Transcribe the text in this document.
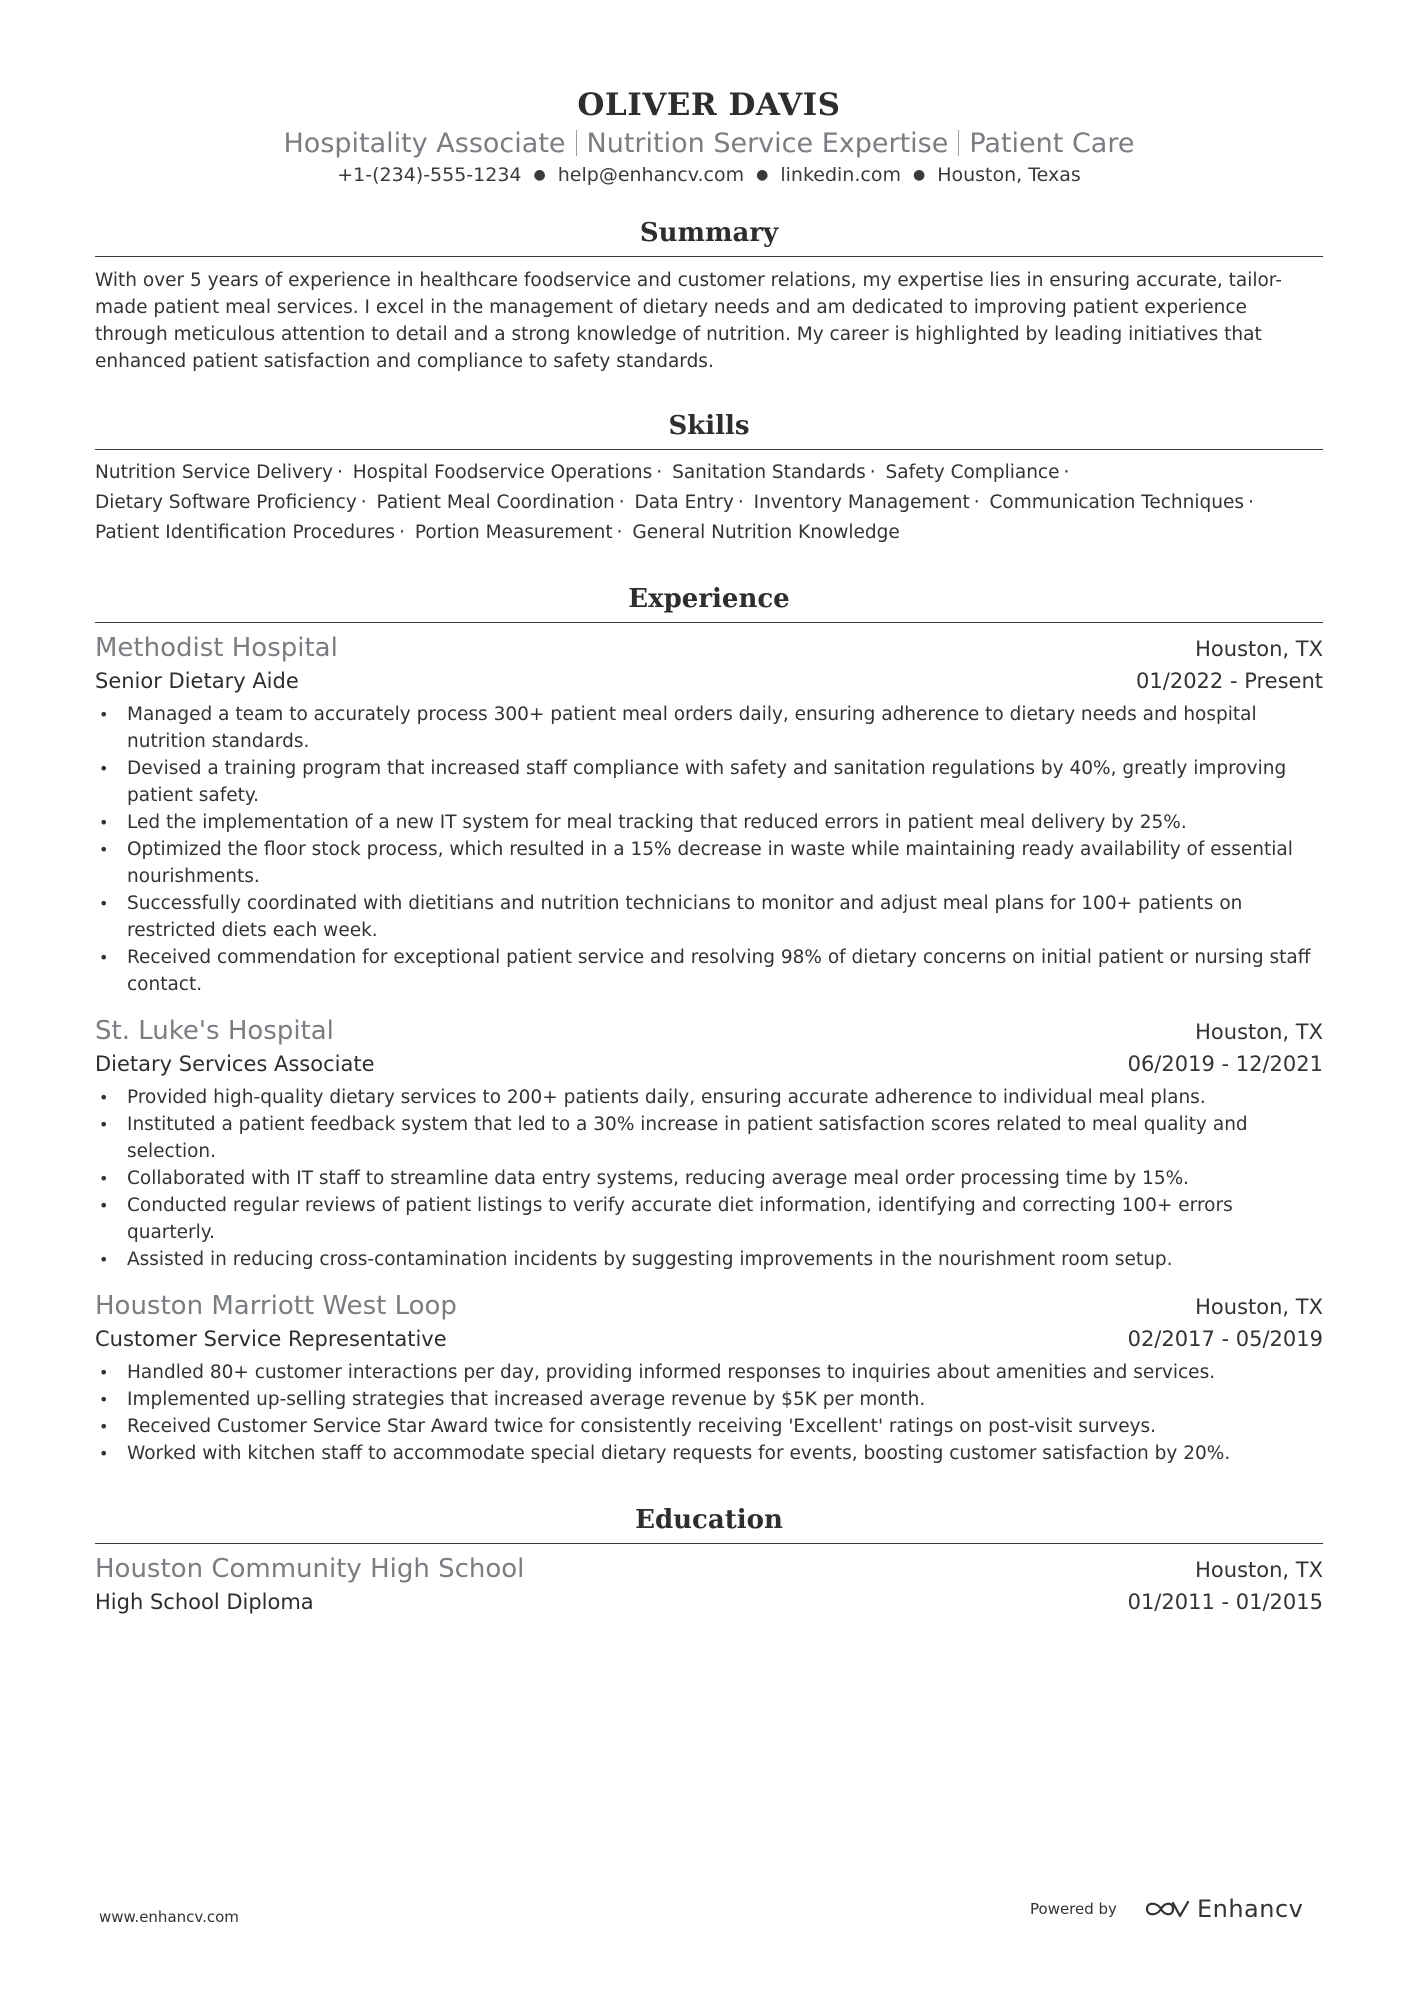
OLIVER DAVIS
Hospitality Associate Nutrition Service Expertise Patient Care
+1-(234)-555-1234 ● help@enhancv.com ● linkedin.com ● Houston, Texas
Summary
With over 5 years of experience in healthcare foodservice and customer relations, my expertise lies in ensuring accurate, tailor-made patient meal services. I excel in the management of dietary needs and am dedicated to improving patient experience through meticulous attention to detail and a strong knowledge of nutrition. My career is highlighted by leading initiatives that enhanced patient satisfaction and compliance to safety standards.
Skills
Nutrition Service Delivery · Hospital Foodservice Operations · Sanitation Standards · Safety Compliance ·
Dietary Software Proficiency · Patient Meal Coordination · Data Entry · Inventory Management · Communication Techniques ·
Patient Identification Procedures · Portion Measurement · General Nutrition Knowledge
Experience
Methodist Hospital	Houston, TX
Senior Dietary Aide	01/2022 - Present
• Managed a team to accurately process 300+ patient meal orders daily, ensuring adherence to dietary needs and hospital nutrition standards.
• Devised a training program that increased staff compliance with safety and sanitation regulations by 40%, greatly improving patient safety.
• Led the implementation of a new IT system for meal tracking that reduced errors in patient meal delivery by 25%.
• Optimized the floor stock process, which resulted in a 15% decrease in waste while maintaining ready availability of essential nourishments.
• Successfully coordinated with dietitians and nutrition technicians to monitor and adjust meal plans for 100+ patients on restricted diets each week.
• Received commendation for exceptional patient service and resolving 98% of dietary concerns on initial patient or nursing staff contact.
St. Luke's Hospital	Houston, TX
Dietary Services Associate	06/2019 - 12/2021
• Provided high-quality dietary services to 200+ patients daily, ensuring accurate adherence to individual meal plans.
• Instituted a patient feedback system that led to a 30% increase in patient satisfaction scores related to meal quality and selection.
• Collaborated with IT staff to streamline data entry systems, reducing average meal order processing time by 15%.
• Conducted regular reviews of patient listings to verify accurate diet information, identifying and correcting 100+ errors quarterly.
• Assisted in reducing cross-contamination incidents by suggesting improvements in the nourishment room setup.
Houston Marriott West Loop	Houston, TX
Customer Service Representative	02/2017 - 05/2019
• Handled 80+ customer interactions per day, providing informed responses to inquiries about amenities and services.
• Implemented up-selling strategies that increased average revenue by $5K per month.
• Received Customer Service Star Award twice for consistently receiving 'Excellent' ratings on post-visit surveys.
• Worked with kitchen staff to accommodate special dietary requests for events, boosting customer satisfaction by 20%.
Education
Houston Community High School	Houston, TX
High School Diploma	01/2011 - 01/2015
www.enhancv.com	Powered by	Enhancv
